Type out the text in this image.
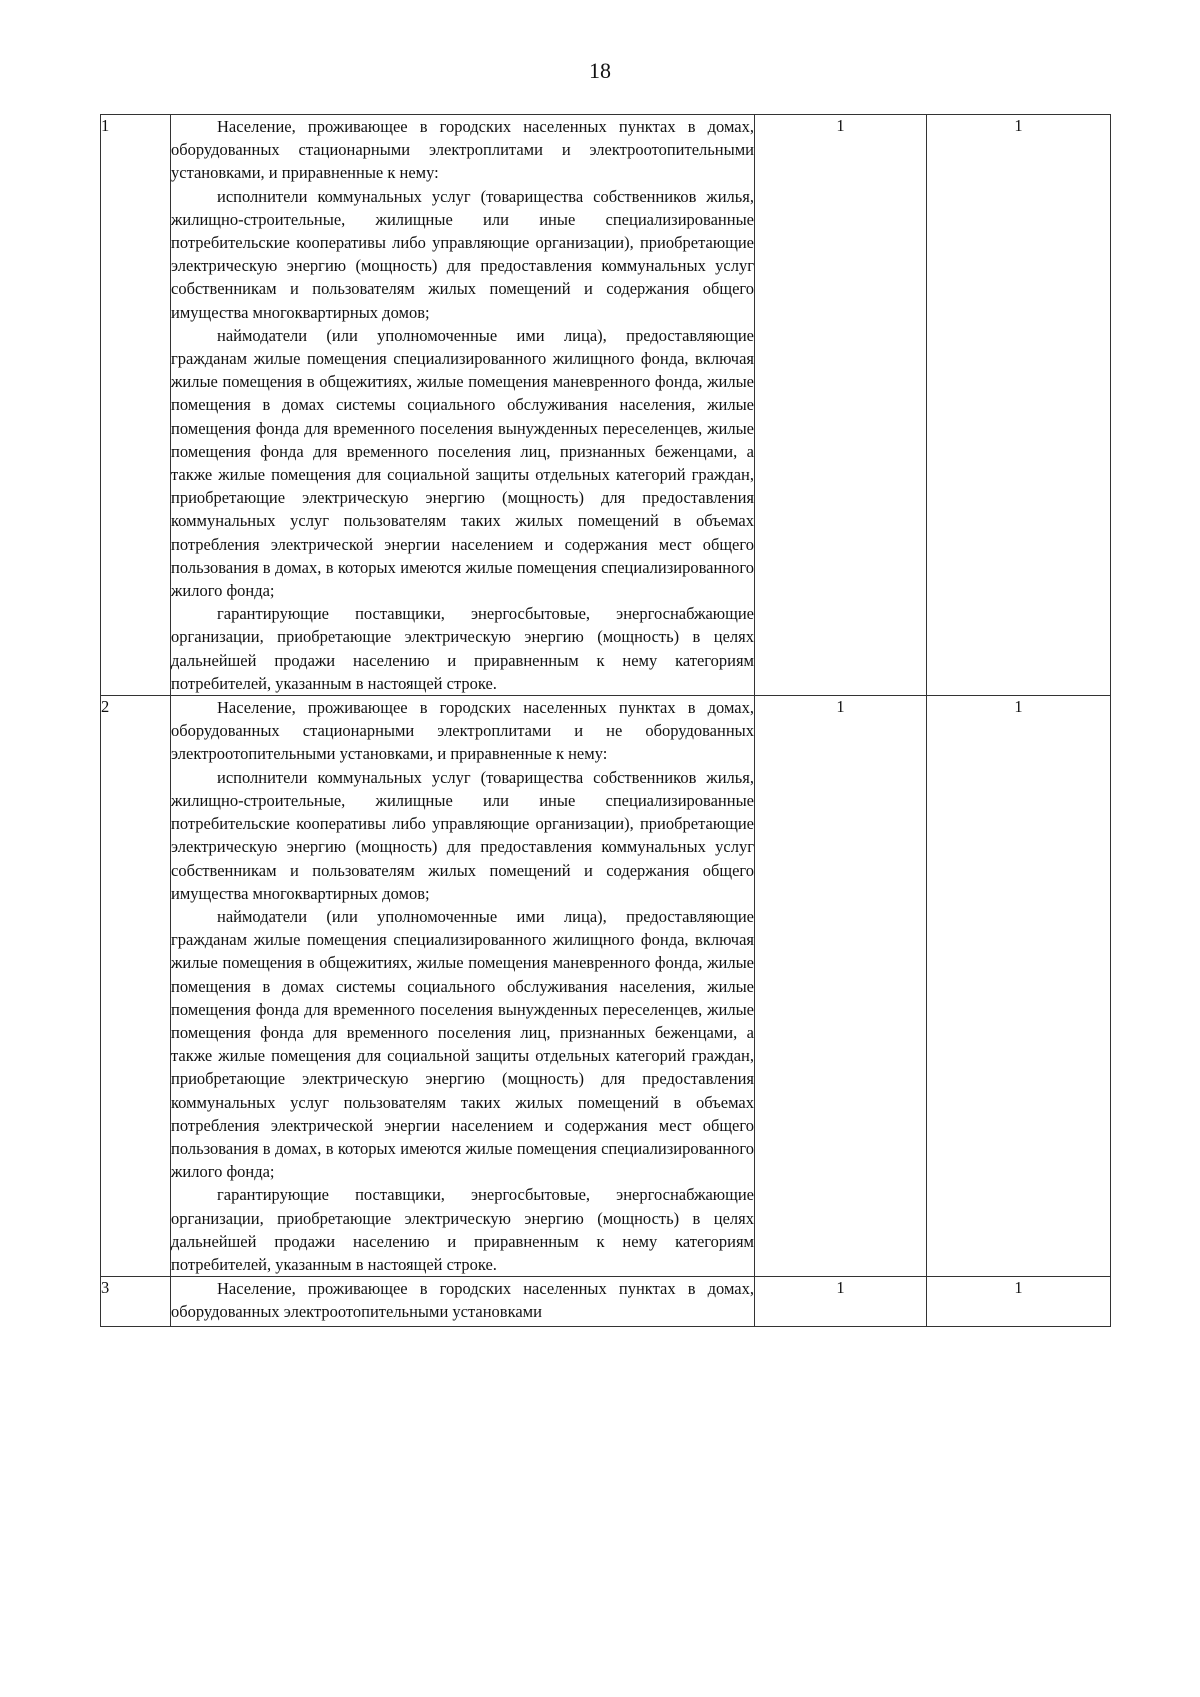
18
1	Население, проживающее в городских населенных пунктах в домах, оборудованных стационарными электроплитами и электроотопительными установками, и приравненные к нему:

исполнители коммунальных услуг (товарищества собственников жилья, жилищно-строительные, жилищные или иные специализированные потребительские кооперативы либо управляющие организации), приобретающие электрическую энергию (мощность) для предоставления коммунальных услуг собственникам и пользователям жилых помещений и содержания общего имущества многоквартирных домов;

наймодатели (или уполномоченные ими лица), предоставляющие гражданам жилые помещения специализированного жилищного фонда, включая жилые помещения в общежитиях, жилые помещения маневренного фонда, жилые помещения в домах системы социального обслуживания населения, жилые помещения фонда для временного поселения вынужденных переселенцев, жилые помещения фонда для временного поселения лиц, признанных беженцами, а также жилые помещения для социальной защиты отдельных категорий граждан, приобретающие электрическую энергию (мощность) для предоставления коммунальных услуг пользователям таких жилых помещений в объемах потребления электрической энергии населением и содержания мест общего пользования в домах, в которых имеются жилые помещения специализированного жилого фонда;

гарантирующие поставщики, энергосбытовые, энергоснабжающие организации, приобретающие электрическую энергию (мощность) в целях дальнейшей продажи населению и приравненным к нему категориям потребителей, указанным в настоящей строке.	1	1
2	Население, проживающее в городских населенных пунктах в домах, оборудованных стационарными электроплитами и не оборудованных электроотопительными установками, и приравненные к нему:

исполнители коммунальных услуг (товарищества собственников жилья, жилищно-строительные, жилищные или иные специализированные потребительские кооперативы либо управляющие организации), приобретающие электрическую энергию (мощность) для предоставления коммунальных услуг собственникам и пользователям жилых помещений и содержания общего имущества многоквартирных домов;

наймодатели (или уполномоченные ими лица), предоставляющие гражданам жилые помещения специализированного жилищного фонда, включая жилые помещения в общежитиях, жилые помещения маневренного фонда, жилые помещения в домах системы социального обслуживания населения, жилые помещения фонда для временного поселения вынужденных переселенцев, жилые помещения фонда для временного поселения лиц, признанных беженцами, а также жилые помещения для социальной защиты отдельных категорий граждан, приобретающие электрическую энергию (мощность) для предоставления коммунальных услуг пользователям таких жилых помещений в объемах потребления электрической энергии населением и содержания мест общего пользования в домах, в которых имеются жилые помещения специализированного жилого фонда;

гарантирующие поставщики, энергосбытовые, энергоснабжающие организации, приобретающие электрическую энергию (мощность) в целях дальнейшей продажи населению и приравненным к нему категориям потребителей, указанным в настоящей строке.	1	1
3	Население, проживающее в городских населенных пунктах в домах, оборудованных электроотопительными установками	1	1
